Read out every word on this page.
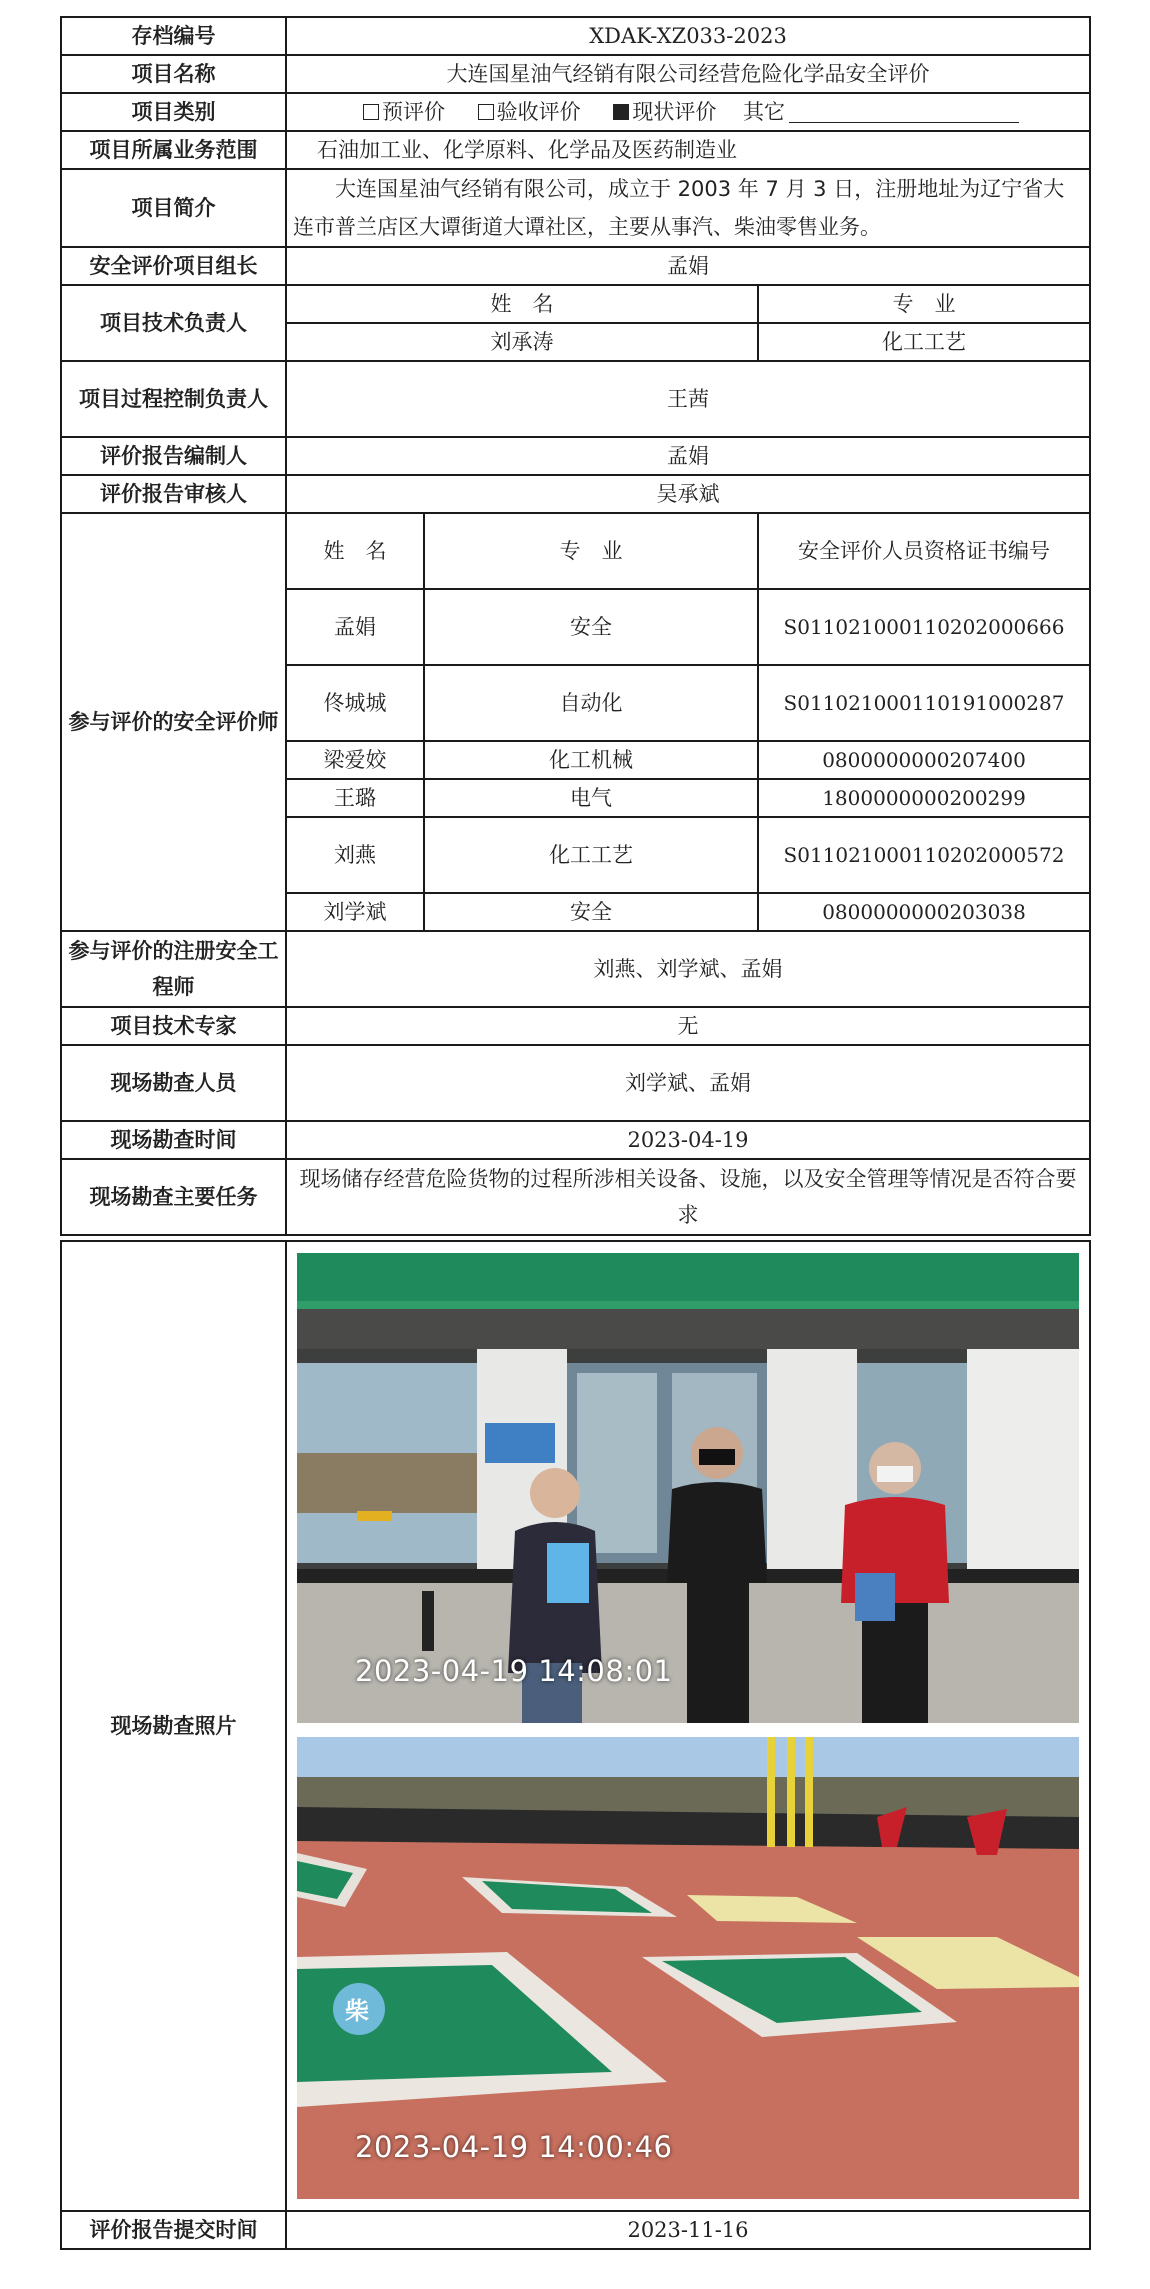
存档编号	XDAK-XZ033-2023		
项目名称	大连国星油气经销有限公司经营危险化学品安全评价		
项目类别	预评价 验收评价 现状评价 其它		
项目所属业务范围	石油加工业、化学原料、化学品及医药制造业		
项目简介	大连国星油气经销有限公司，成立于 2003 年 7 月 3 日，注册地址为辽宁省大连市普兰店区大谭街道大谭社区，主要从事汽、柴油零售业务。		
安全评价项目组长	孟娟		
项目技术负责人	姓　名		专　业
	刘承涛		化工工艺
项目过程控制负责人	王茜		
评价报告编制人	孟娟		
评价报告审核人	吴承斌		
参与评价的安全评价师	姓　名	专　业	安全评价人员资格证书编号
	孟娟	安全	S011021000110202000666
	佟城城	自动化	S011021000110191000287
	梁爱姣	化工机械	0800000000207400
	王璐	电气	1800000000200299
	刘燕	化工工艺	S011021000110202000572
	刘学斌	安全	0800000000203038
参与评价的注册安全工程师	刘燕、刘学斌、孟娟		
项目技术专家	无		
现场勘查人员	刘学斌、孟娟		
现场勘查时间	2023-04-19		
现场勘查主要任务	现场储存经营危险货物的过程所涉相关设备、设施，以及安全管理等情况是否符合要求		
现场勘查照片	2023-04-19 14:08:01
柴
2023-04-19 14:00:46

评价报告提交时间	2023-11-16
